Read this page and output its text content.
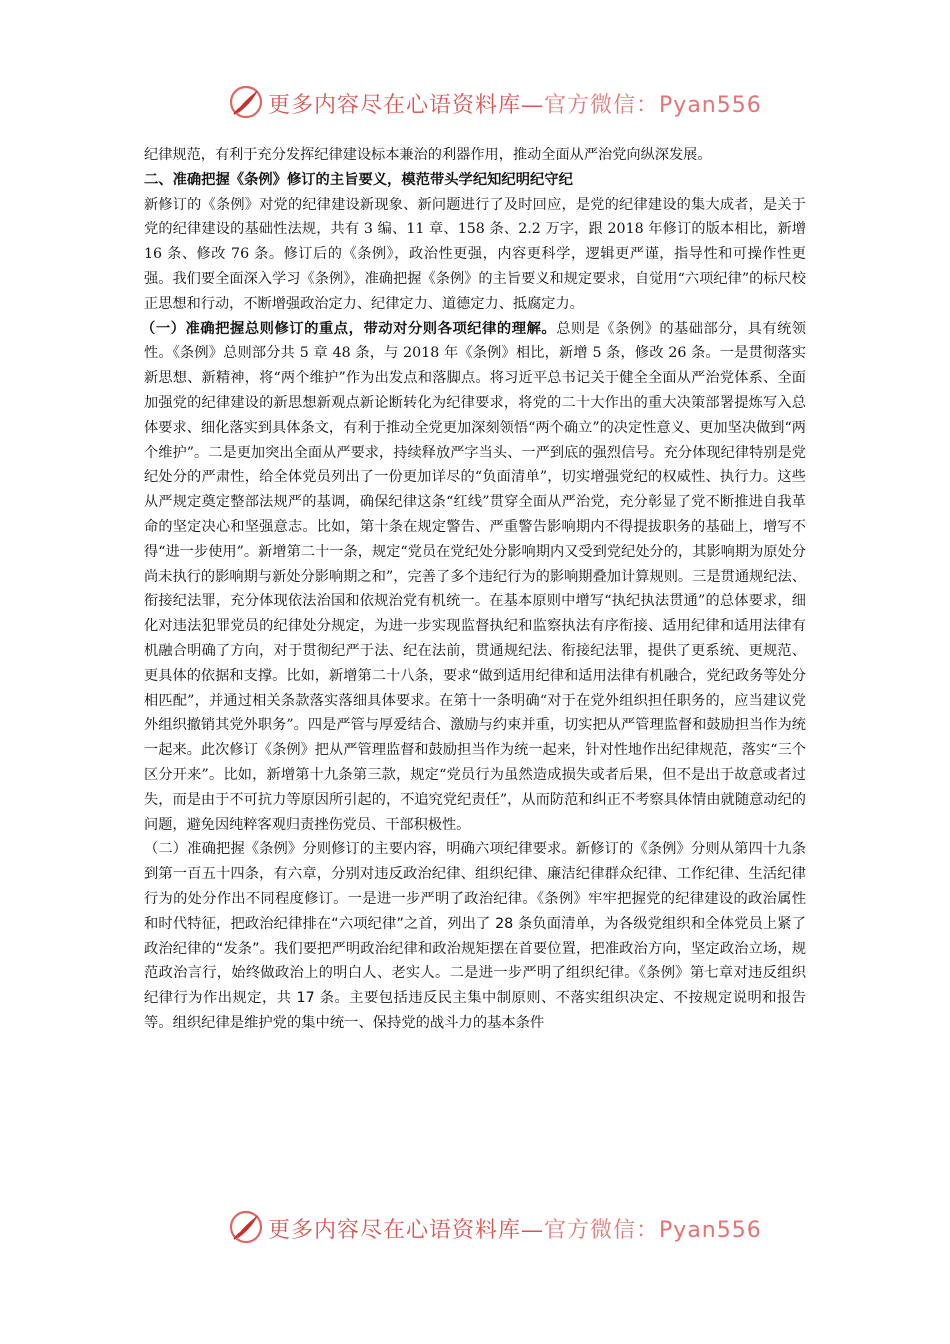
更多内容尽在心语资料库—官方微信：Pyan556

纪律规范，有利于充分发挥纪律建设标本兼治的利器作用，推动全面从严治党向纵深发展。

二、准确把握《条例》修订的主旨要义，模范带头学纪知纪明纪守纪

新修订的《条例》对党的纪律建设新现象、新问题进行了及时回应，是党的纪律建设的集大成者，是关于党的纪律建设的基础性法规，共有 3 编、11 章、158 条、2.2 万字，跟 2018 年修订的版本相比，新增 16 条、修改 76 条。修订后的《条例》，政治性更强，内容更科学，逻辑更严谨，指导性和可操作性更强。我们要全面深入学习《条例》，准确把握《条例》的主旨要义和规定要求，自觉用“六项纪律”的标尺校正思想和行动，不断增强政治定力、纪律定力、道德定力、抵腐定力。

（一）准确把握总则修订的重点，带动对分则各项纪律的理解。总则是《条例》的基础部分，具有统领性。《条例》总则部分共 5 章 48 条，与 2018 年《条例》相比，新增 5 条，修改 26 条。一是贯彻落实新思想、新精神，将“两个维护”作为出发点和落脚点。将习近平总书记关于健全全面从严治党体系、全面加强党的纪律建设的新思想新观点新论断转化为纪律要求，将党的二十大作出的重大决策部署提炼写入总体要求、细化落实到具体条文，有利于推动全党更加深刻领悟“两个确立”的决定性意义、更加坚决做到“两个维护”。二是更加突出全面从严要求，持续释放严字当头、一严到底的强烈信号。充分体现纪律特别是党纪处分的严肃性，给全体党员列出了一份更加详尽的“负面清单”，切实增强党纪的权威性、执行力。这些从严规定奠定整部法规严的基调，确保纪律这条“红线”贯穿全面从严治党，充分彰显了党不断推进自我革命的坚定决心和坚强意志。比如，第十条在规定警告、严重警告影响期内不得提拔职务的基础上，增写不得“进一步使用”。新增第二十一条，规定“党员在党纪处分影响期内又受到党纪处分的，其影响期为原处分尚未执行的影响期与新处分影响期之和”，完善了多个违纪行为的影响期叠加计算规则。三是贯通规纪法、衔接纪法罪，充分体现依法治国和依规治党有机统一。在基本原则中增写“执纪执法贯通”的总体要求，细化对违法犯罪党员的纪律处分规定，为进一步实现监督执纪和监察执法有序衔接、适用纪律和适用法律有机融合明确了方向，对于贯彻纪严于法、纪在法前，贯通规纪法、衔接纪法罪，提供了更系统、更规范、更具体的依据和支撑。比如，新增第二十八条，要求“做到适用纪律和适用法律有机融合，党纪政务等处分相匹配”，并通过相关条款落实落细具体要求。在第十一条明确“对于在党外组织担任职务的，应当建议党外组织撤销其党外职务”。四是严管与厚爱结合、激励与约束并重，切实把从严管理监督和鼓励担当作为统一起来。此次修订《条例》把从严管理监督和鼓励担当作为统一起来，针对性地作出纪律规范，落实“三个区分开来”。比如，新增第十九条第三款，规定“党员行为虽然造成损失或者后果，但不是出于故意或者过失，而是由于不可抗力等原因所引起的，不追究党纪责任”，从而防范和纠正不考察具体情由就随意动纪的问题，避免因纯粹客观归责挫伤党员、干部积极性。

（二）准确把握《条例》分则修订的主要内容，明确六项纪律要求。新修订的《条例》分则从第四十九条到第一百五十四条，有六章，分别对违反政治纪律、组织纪律、廉洁纪律群众纪律、工作纪律、生活纪律行为的处分作出不同程度修订。一是进一步严明了政治纪律。《条例》牢牢把握党的纪律建设的政治属性和时代特征，把政治纪律排在“六项纪律”之首，列出了 28 条负面清单，为各级党组织和全体党员上紧了政治纪律的“发条”。我们要把严明政治纪律和政治规矩摆在首要位置，把准政治方向，坚定政治立场，规范政治言行，始终做政治上的明白人、老实人。二是进一步严明了组织纪律。《条例》第七章对违反组织纪律行为作出规定，共 17 条。主要包括违反民主集中制原则、不落实组织决定、不按规定说明和报告等。组织纪律是维护党的集中统一、保持党的战斗力的基本条件

更多内容尽在心语资料库—官方微信：Pyan556
